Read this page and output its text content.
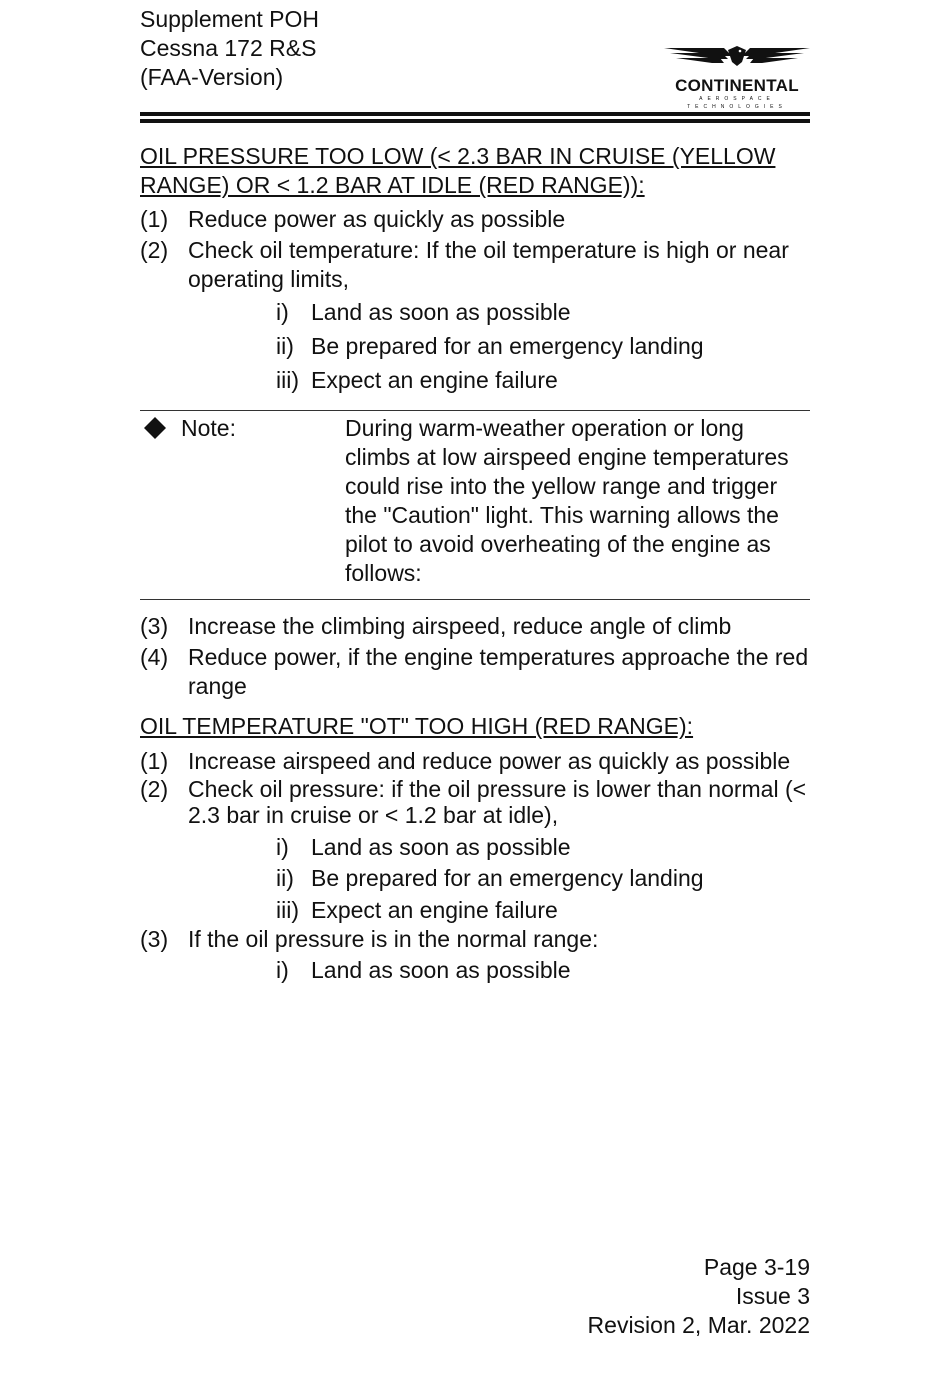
Supplement POH
Cessna 172 R&S
(FAA-Version)	CONTINENTAL
AEROSPACE TECHNOLOGIES
OIL PRESSURE TOO LOW (< 2.3 BAR IN CRUISE (YELLOW
RANGE) OR < 1.2 BAR AT IDLE (RED RANGE)):
(1) Reduce power as quickly as possible
(2) Check oil temperature: If the oil temperature is high or near operating limits,
i) Land as soon as possible
ii) Be prepared for an emergency landing
iii) Expect an engine failure
Note:	During warm-weather operation or long climbs at low airspeed engine temperatures could rise into the yellow range and trigger the "Caution" light. This warning allows the pilot to avoid overheating of the engine as follows:
(3) Increase the climbing airspeed, reduce angle of climb
(4) Reduce power, if the engine temperatures approache the red range
OIL TEMPERATURE "OT" TOO HIGH (RED RANGE):
(1) Increase airspeed and reduce power as quickly as possible
(2) Check oil pressure: if the oil pressure is lower than normal (< 2.3 bar in cruise or < 1.2 bar at idle),
i) Land as soon as possible
ii) Be prepared for an emergency landing
iii) Expect an engine failure
(3) If the oil pressure is in the normal range:
i) Land as soon as possible
Page 3-19
Issue 3
Revision 2, Mar. 2022
